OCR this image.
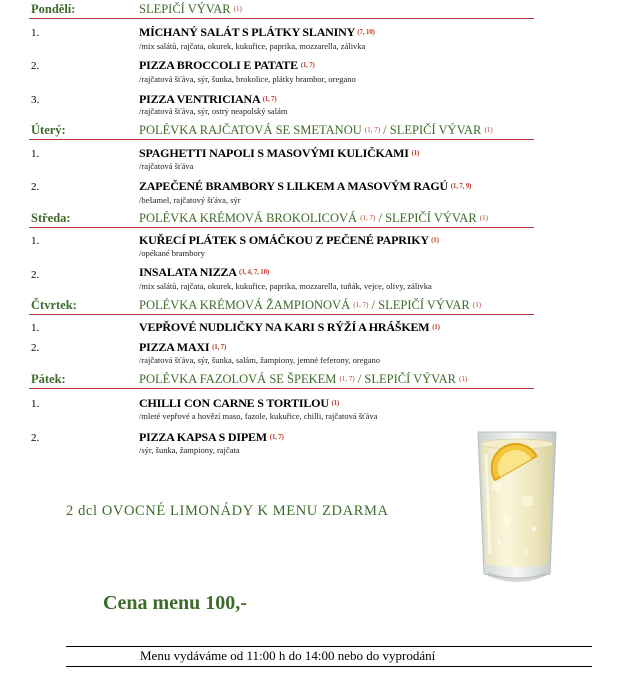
Pondělí:	SLEPIČÍ VÝVAR (1)
1.	MÍCHANÝ SALÁT S PLÁTKY SLANINY (7, 10)
/mix salátů, rajčata, okurek, kukuřice, paprika, mozzarella, zálivka
2.	PIZZA BROCCOLI E PATATE (1, 7)
/rajčatová šťáva, sýr, šunka, brokolice, plátky brambor, oregano
3.	PIZZA VENTRICIANA (1, 7)
/rajčatová šťáva, sýr, ostrý neapolský salám
Úterý:	POLÉVKA RAJČATOVÁ SE SMETANOU (1, 7) / SLEPIČÍ VÝVAR (1)
1.	SPAGHETTI NAPOLI S MASOVÝMI KULIČKAMI (1)
/rajčatová šťáva
2.	ZAPEČENÉ BRAMBORY S LILKEM A MASOVÝM RAGÚ (1, 7, 9)
/bešamel, rajčatový šťáva, sýr
Středa:	POLÉVKA KRÉMOVÁ BROKOLICOVÁ (1, 7) / SLEPIČÍ VÝVAR (1)
1.	KUŘECÍ PLÁTEK S OMÁČKOU Z PEČENÉ PAPRIKY (1)
/opékané brambory
2.	INSALATA NIZZA (3, 4, 7, 10)
/mix salátů, rajčata, okurek, kukuřice, paprika, mozzarella, tuňák, vejce, olivy, zálivka
Čtvrtek:	POLÉVKA KRÉMOVÁ ŽAMPIONOVÁ (1, 7) / SLEPIČÍ VÝVAR (1)
1.	VEPŘOVÉ NUDLIČKY NA KARI S RÝŽÍ A HRÁŠKEM (1)
2.	PIZZA MAXI (1, 7)
/rajčatová šťáva, sýr, šunka, salám, žampiony, jemné feferony, oregano
Pátek:	POLÉVKA FAZOLOVÁ SE ŠPEKEM (1, 7) / SLEPIČÍ VÝVAR (1)
1.	CHILLI CON CARNE S TORTILOU (1)
/mleté vepřové a hovězí maso, fazole, kukuřice, chilli, rajčatová šťáva
2.	PIZZA KAPSA S DIPEM (1, 7)
/sýr, šunka, žampiony, rajčata
2 dcl OVOCNÉ LIMONÁDY K MENU ZDARMA
Cena menu 100,-
Menu vydáváme od 11:00 h do 14:00 nebo do vyprodání
